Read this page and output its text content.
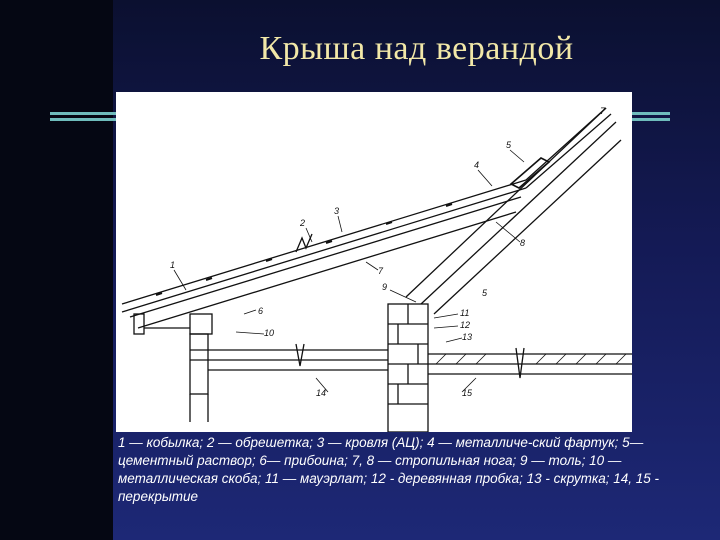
Крыша над верандой
1
2
3
4
5
6
7
8
9
10
11
12
13
14	15
7
5
1 — кобылка; 2 — обрешетка; 3 — кровля (АЦ); 4 — металличе-ский фартук; 5— цементный раствор; 6— прибоина; 7, 8 — стропильная нога; 9 — толь; 10 — металлическая скоба; 11 — мауэрлат; 12 - деревянная пробка; 13 - скрутка; 14, 15 - перекрытие
